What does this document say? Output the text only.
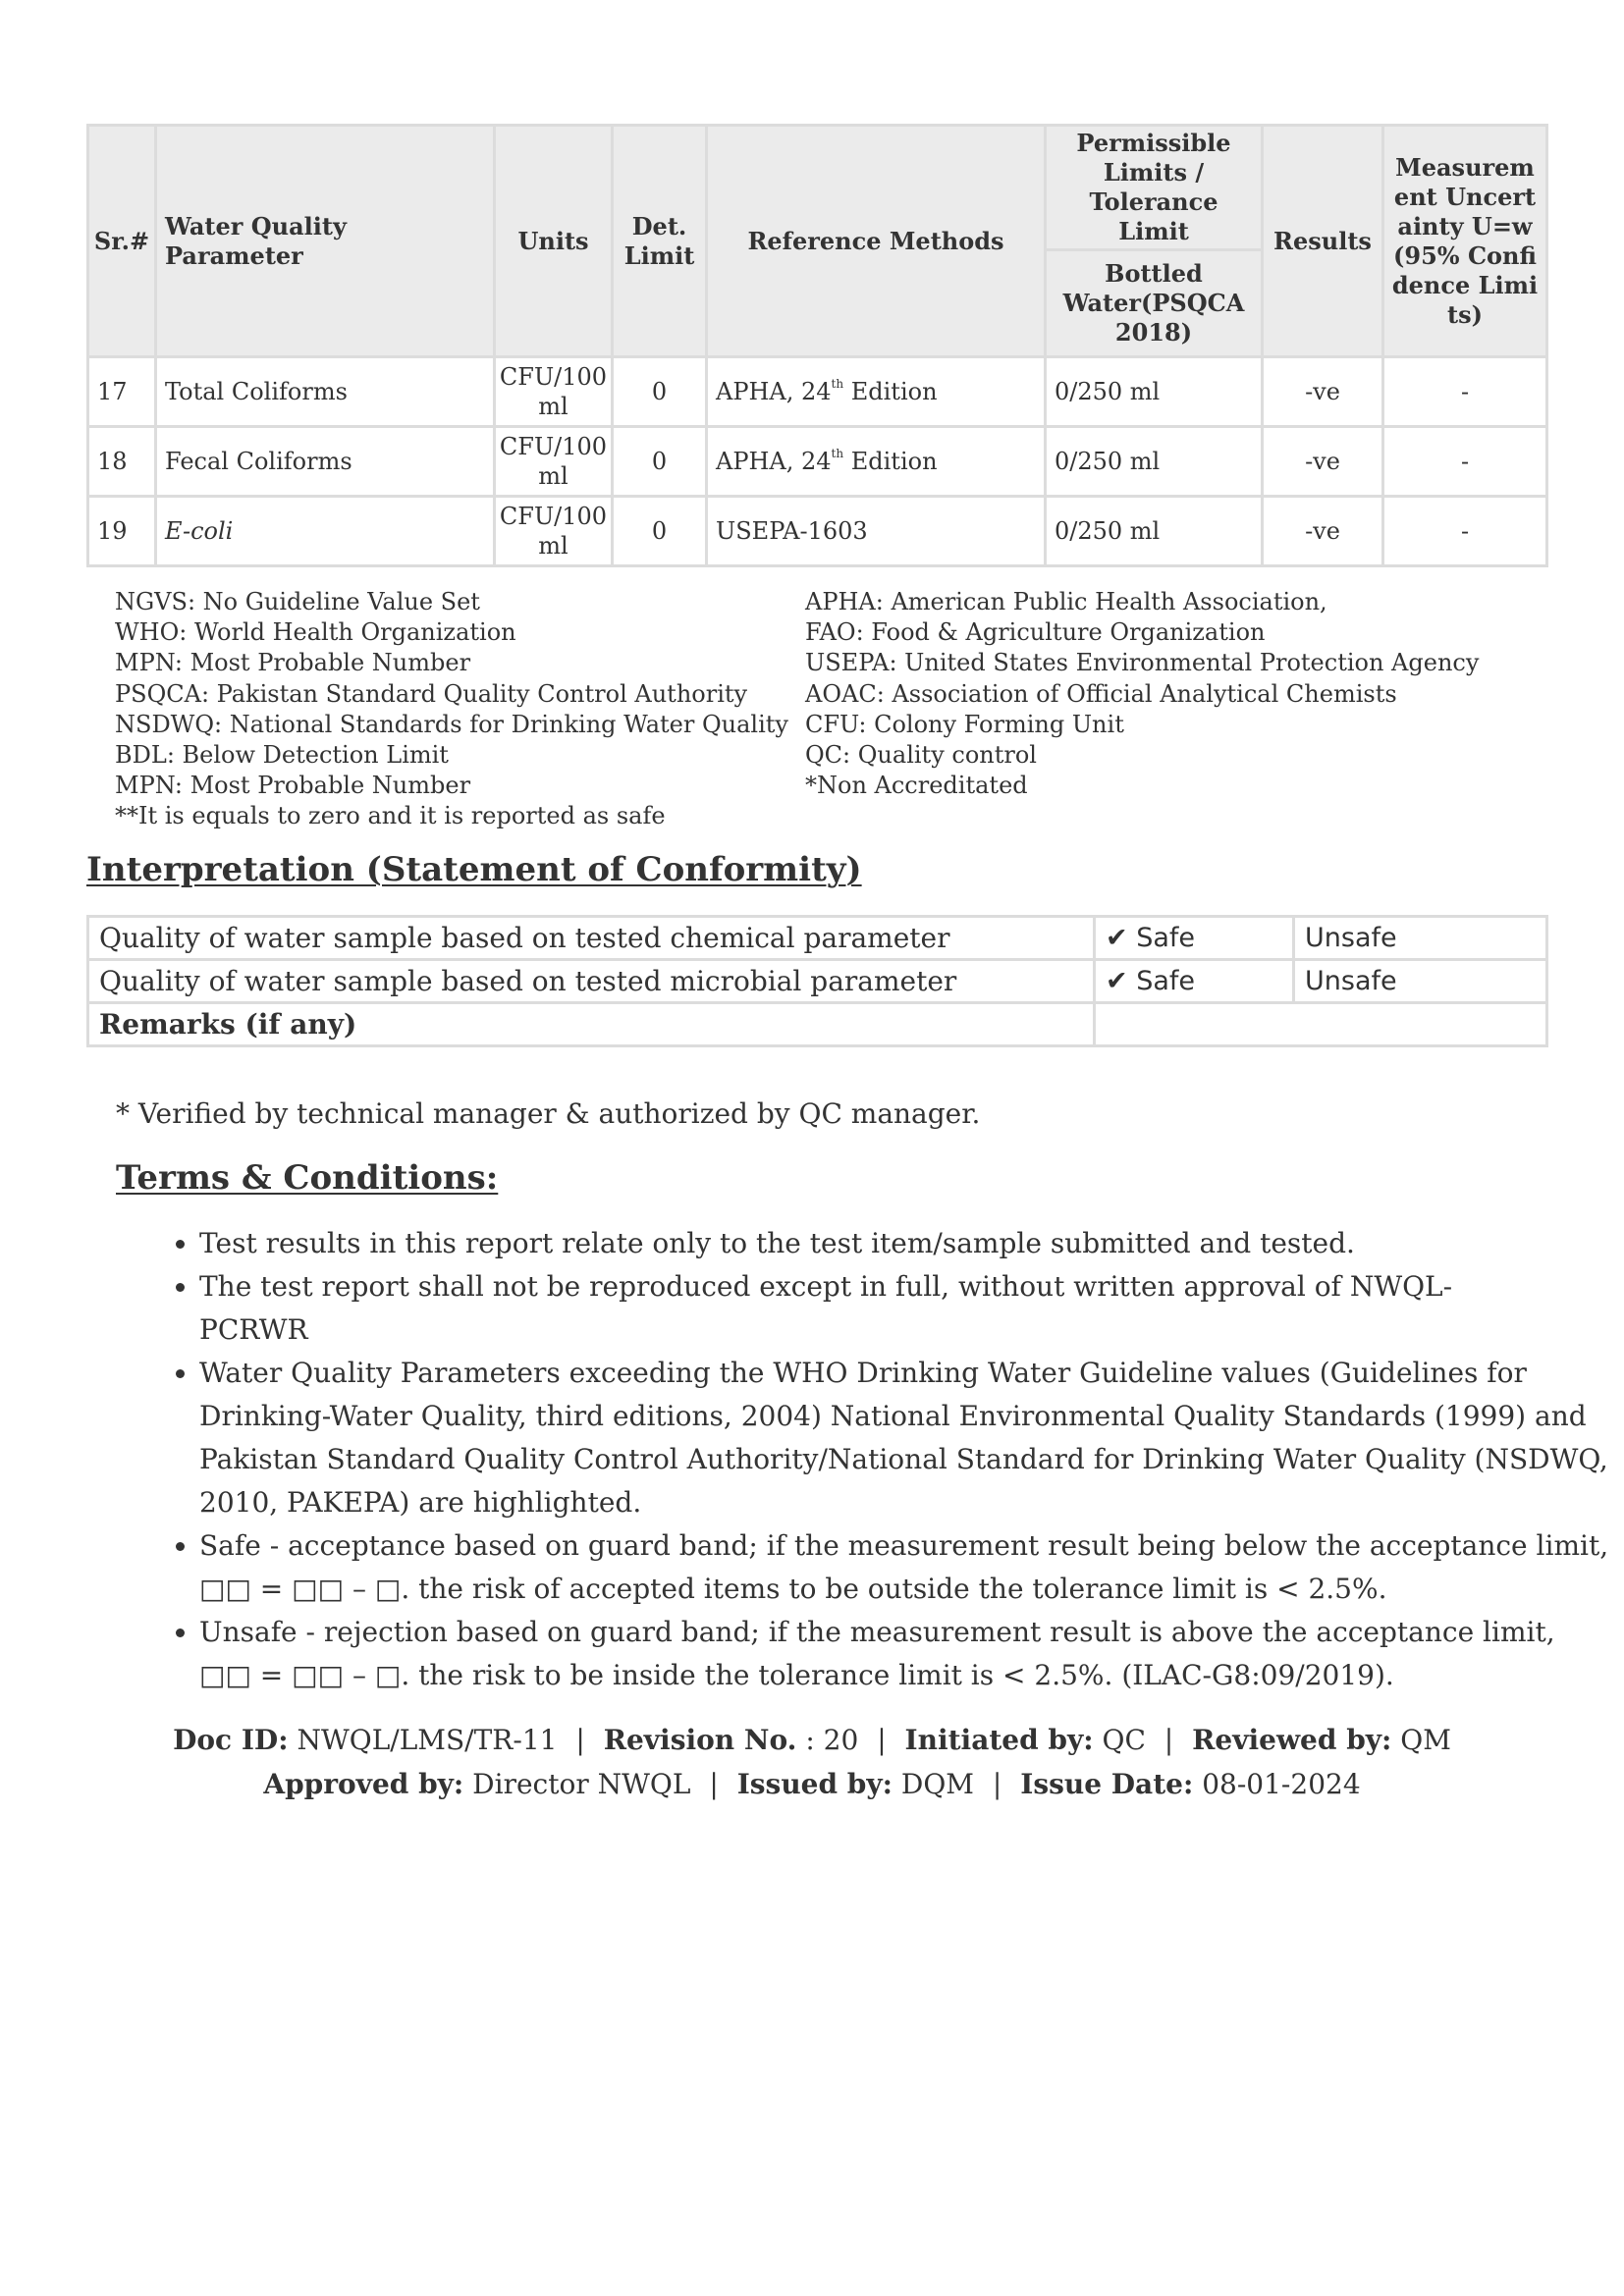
Sr.#	Water Quality Parameter	Units	Det. Limit	Reference Methods	Permissible Limits / Tolerance Limit	Results	Measurement Uncertainty U=w (95% Confidence Limits)
					Bottled Water(PSQCA 2018)		
17	Total Coliforms	CFU/100 ml	0	APHA, 24th Edition	0/250 ml	-ve	-
18	Fecal Coliforms	CFU/100 ml	0	APHA, 24th Edition	0/250 ml	-ve	-
19	E-coli	CFU/100 ml	0	USEPA-1603	0/250 ml	-ve	-
NGVS: No Guideline Value Set
WHO: World Health Organization
MPN: Most Probable Number
PSQCA: Pakistan Standard Quality Control Authority
NSDWQ: National Standards for Drinking Water Quality
BDL: Below Detection Limit
MPN: Most Probable Number
**It is equals to zero and it is reported as safe
APHA: American Public Health Association,
FAO: Food & Agriculture Organization
USEPA: United States Environmental Protection Agency
AOAC: Association of Official Analytical Chemists
CFU: Colony Forming Unit
QC: Quality control
*Non Accreditated
Interpretation (Statement of Conformity)
Quality of water sample based on tested chemical parameter	✔ Safe	Unsafe
Quality of water sample based on tested microbial parameter	✔ Safe	Unsafe
Remarks (if any)		
* Verified by technical manager & authorized by QC manager.
Terms & Conditions:
• Test results in this report relate only to the test item/sample submitted and tested.
• The test report shall not be reproduced except in full, without written approval of NWQL-PCRWR
• Water Quality Parameters exceeding the WHO Drinking Water Guideline values (Guidelines for Drinking-Water Quality, third editions, 2004) National Environmental Quality Standards (1999) and Pakistan Standard Quality Control Authority/National Standard for Drinking Water Quality (NSDWQ, 2010, PAKEPA) are highlighted.
• Safe - acceptance based on guard band; if the measurement result being below the acceptance limit, □□ = □□ – □. the risk of accepted items to be outside the tolerance limit is < 2.5%.
• Unsafe - rejection based on guard band; if the measurement result is above the acceptance limit, □□ = □□ – □. the risk to be inside the tolerance limit is < 2.5%. (ILAC-G8:09/2019).
Doc ID: NWQL/LMS/TR-11 | Revision No. : 20 | Initiated by: QC | Reviewed by: QM
Approved by: Director NWQL | Issued by: DQM | Issue Date: 08-01-2024
